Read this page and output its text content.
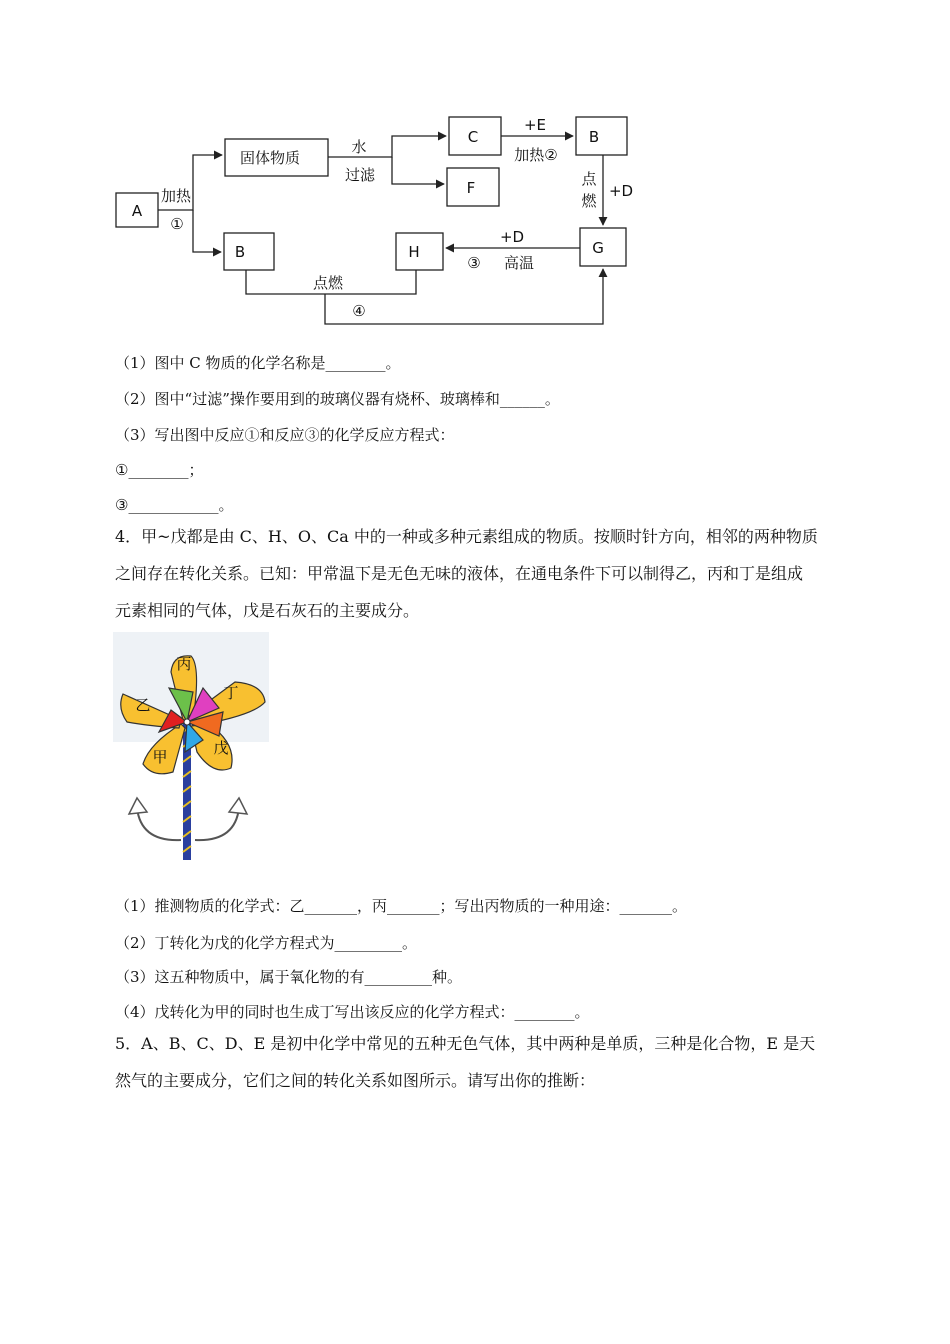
A
固体物质
C
F
B
B	H	G
加热
①
水
过滤
+E
加热②
点
燃
+D
+D
③ 高温
点燃
④
（1）图中 C 物质的化学名称是________。
（2）图中“过滤”操作要用到的玻璃仪器有烧杯、玻璃棒和______。
（3）写出图中反应①和反应③的化学反应方程式：
①________；
③____________。
4．甲~戊都是由 C、H、O、Ca 中的一种或多种元素组成的物质。按顺时针方向，相邻的两种物质
之间存在转化关系。已知：甲常温下是无色无味的液体，在通电条件下可以制得乙，丙和丁是组成
元素相同的气体，戊是石灰石的主要成分。
丙
丁
乙
甲	戊
（1）推测物质的化学式：乙_______，丙_______；写出丙物质的一种用途：_______。
（2）丁转化为戊的化学方程式为_________。
（3）这五种物质中，属于氧化物的有_________种。
（4）戊转化为甲的同时也生成丁写出该反应的化学方程式：________。
5．A、B、C、D、E 是初中化学中常见的五种无色气体，其中两种是单质，三种是化合物，E 是天
然气的主要成分，它们之间的转化关系如图所示。请写出你的推断：
